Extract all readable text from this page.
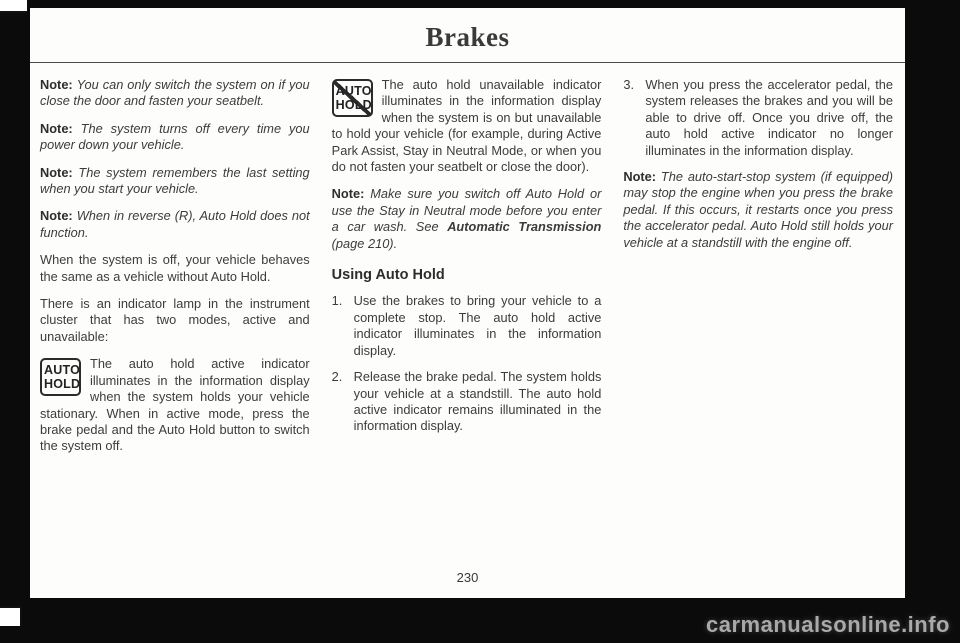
Brakes

Note: You can only switch the system on if you close the door and fasten your seatbelt.

Note: The system turns off every time you power down your vehicle.

Note: The system remembers the last setting when you start your vehicle.

Note: When in reverse (R), Auto Hold does not function.

When the system is off, your vehicle behaves the same as a vehicle without Auto Hold.

There is an indicator lamp in the instrument cluster that has two modes, active and unavailable:

AUTO
HOLD
The auto hold active indicator illuminates in the information display when the system holds your vehicle stationary. When in active mode, press the brake pedal and the Auto Hold button to switch the system off.
AUTO
HOLD
The auto hold unavailable indicator illuminates in the information display when the system is on but unavailable to hold your vehicle (for example, during Active Park Assist, Stay in Neutral Mode, or when you do not fasten your seatbelt or close the door).

Note: Make sure you switch off Auto Hold or use the Stay in Neutral mode before you enter a car wash. See Automatic Transmission (page 210).

Using Auto Hold
1. Use the brakes to bring your vehicle to a complete stop. The auto hold active indicator illuminates in the information display.
2. Release the brake pedal. The system holds your vehicle at a standstill. The auto hold active indicator remains illuminated in the information display.
3. When you press the accelerator pedal, the system releases the brakes and you will be able to drive off. Once you drive off, the auto hold active indicator no longer illuminates in the information display.

Note: The auto-start-stop system (if equipped) may stop the engine when you press the brake pedal. If this occurs, it restarts once you press the accelerator pedal. Auto Hold still holds your vehicle at a standstill with the engine off.

230
carmanualsonline.info
